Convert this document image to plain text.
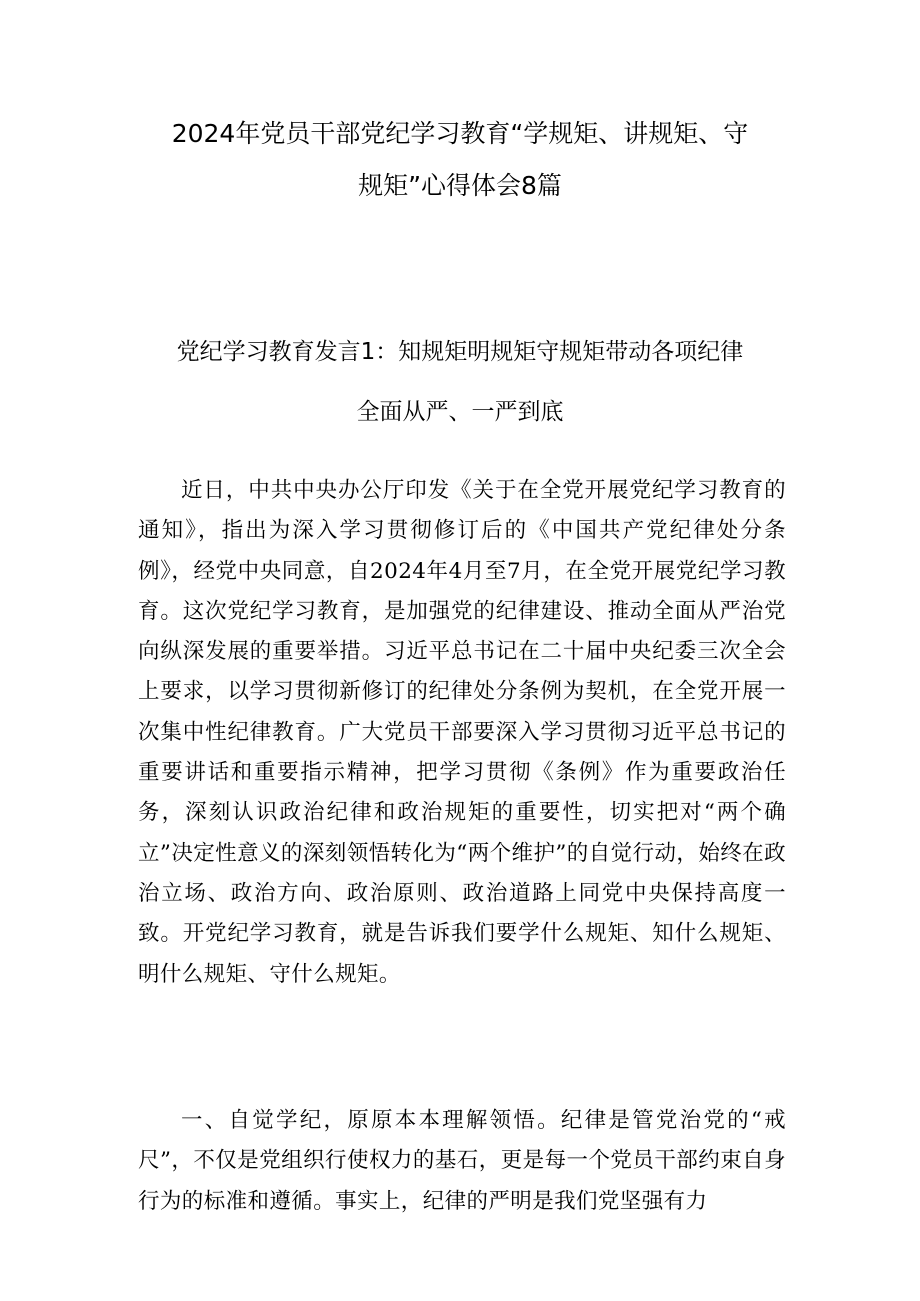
2024年党员干部党纪学习教育“学规矩、讲规矩、守
规矩”心得体会8篇
党纪学习教育发言1：知规矩明规矩守规矩带动各项纪律
全面从严、一严到底

近日，中共中央办公厅印发《关于在全党开展党纪学习教育的通知》，指出为深入学习贯彻修订后的《中国共产党纪律处分条例》，经党中央同意，自2024年4月至7月，在全党开展党纪学习教育。这次党纪学习教育，是加强党的纪律建设、推动全面从严治党向纵深发展的重要举措。习近平总书记在二十届中央纪委三次全会上要求，以学习贯彻新修订的纪律处分条例为契机，在全党开展一次集中性纪律教育。广大党员干部要深入学习贯彻习近平总书记的重要讲话和重要指示精神，把学习贯彻《条例》作为重要政治任务，深刻认识政治纪律和政治规矩的重要性，切实把对“两个确立”决定性意义的深刻领悟转化为“两个维护”的自觉行动，始终在政治立场、政治方向、政治原则、政治道路上同党中央保持高度一致。开党纪学习教育，就是告诉我们要学什么规矩、知什么规矩、明什么规矩、守什么规矩。

一、自觉学纪，原原本本理解领悟。纪律是管党治党的“戒尺”，不仅是党组织行使权力的基石，更是每一个党员干部约束自身行为的标准和遵循。事实上，纪律的严明是我们党坚强有力
